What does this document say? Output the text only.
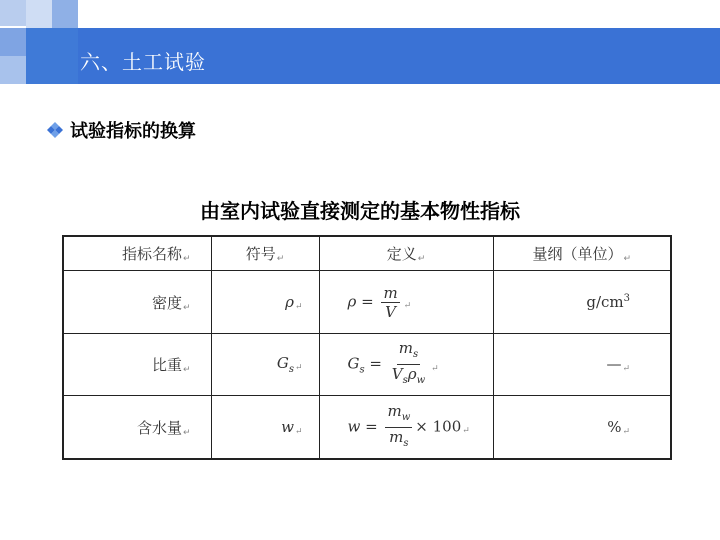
六、土工试验
试验指标的换算
由室内试验直接测定的基本物性指标
指标名称↵	符号↵	定义↵	量纲（单位）↵
密度↵	ρ↵	$\rho = \frac{m}{V}$ ↵	$g/cm^3$
比重↵	$G_s↵$	$G_s = \frac{m_s}{V_s\rho_w}$ ↵	—↵
含水量↵	w↵	$w = \frac{m_w}{m_s}$ × 100↵	%↵
